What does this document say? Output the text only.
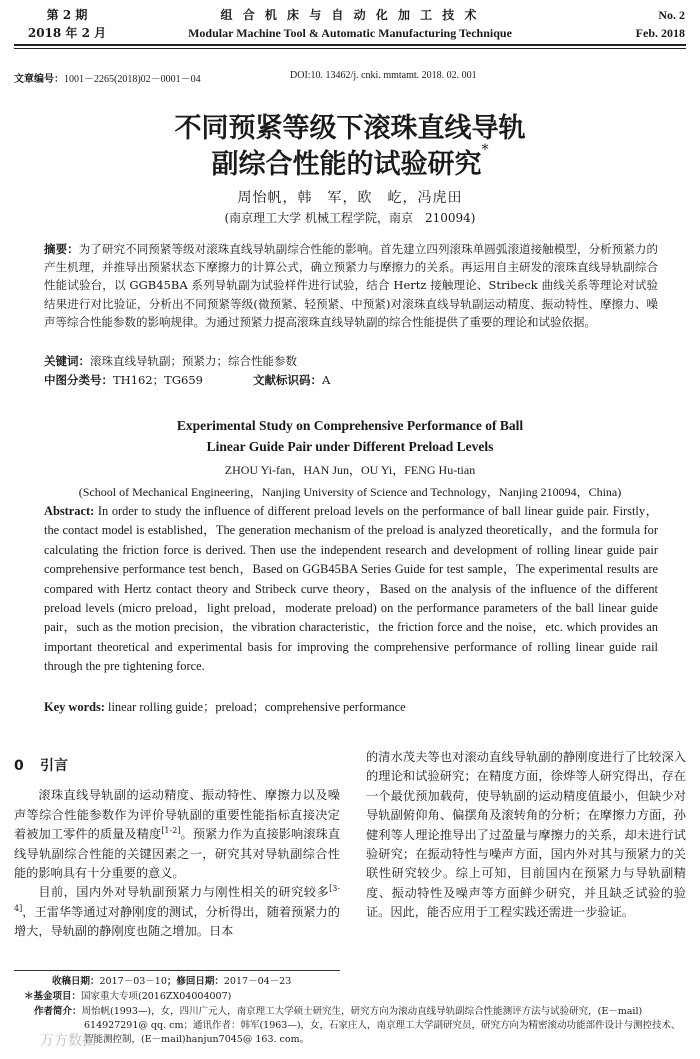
第 2 期
2018 年 2 月
组 合 机 床 与 自 动 化 加 工 技 术
Modular Machine Tool & Automatic Manufacturing Technique
No. 2
Feb. 2018
文章编号：1001－2265(2018)02－0001－04	DOI:10. 13462/j. cnki. mmtamt. 2018. 02. 001
不同预紧等级下滚珠直线导轨
副综合性能的试验研究*
周怡帆，韩　军，欧　屹，冯虎田
(南京理工大学 机械工程学院，南京　210094)
摘要：为了研究不同预紧等级对滚珠直线导轨副综合性能的影响。首先建立四列滚珠单圆弧滚道接触模型，分析预紧力的产生机理，并推导出预紧状态下摩擦力的计算公式，确立预紧力与摩擦力的关系。再运用自主研发的滚珠直线导轨副综合性能试验台，以 GGB45BA 系列导轨副为试验样件进行试验，结合 Hertz 接触理论、Stribeck 曲线关系等理论对试验结果进行对比验证，分析出不同预紧等级(微预紧、轻预紧、中预紧)对滚珠直线导轨副运动精度、振动特性、摩擦力、噪声等综合性能参数的影响规律。为通过预紧力提高滚珠直线导轨副的综合性能提供了重要的理论和试验依据。
关键词：滚珠直线导轨副；预紧力；综合性能参数
中图分类号：TH162；TG659	文献标识码：A
Experimental Study on Comprehensive Performance of Ball
Linear Guide Pair under Different Preload Levels
ZHOU Yi-fan，HAN Jun，OU Yi，FENG Hu-tian
(School of Mechanical Engineering，Nanjing University of Science and Technology，Nanjing 210094，China)
Abstract: In order to study the influence of different preload levels on the performance of ball linear guide pair. Firstly，the contact model is established，The generation mechanism of the preload is analyzed theoretically，and the formula for calculating the friction force is derived. Then use the independent research and development of rolling linear guide pair comprehensive performance test bench，Based on GGB45BA Series Guide for test sample，The experimental results are compared with Hertz contact theory and Stribeck curve theory，Based on the analysis of the influence of the different preload levels (micro preload，light preload，moderate preload) on the performance parameters of the ball linear guide pair，such as the motion precision，the vibration characteristic，the friction force and the noise，etc. which provides an important theoretical and experimental basis for improving the comprehensive performance of rolling linear guide rail through the pre tightening force.
Key words: linear rolling guide；preload；comprehensive performance
0 引言

滚珠直线导轨副的运动精度、振动特性、摩擦力以及噪声等综合性能参数作为评价导轨副的重要性能指标直接决定着被加工零件的质量及精度[1-2]。预紧力作为直接影响滚珠直线导轨副综合性能的关键因素之一，研究其对导轨副综合性能的影响具有十分重要的意义。

目前，国内外对导轨副预紧力与刚性相关的研究较多[3-4]，王雷华等通过对静刚度的测试，分析得出，随着预紧力的增大，导轨副的静刚度也随之增加。日本

的清水茂夫等也对滚动直线导轨副的静刚度进行了比较深入的理论和试验研究；在精度方面，徐烨等人研究得出，存在一个最优预加载荷，使导轨副的运动精度值最小，但缺少对导轨副俯仰角、偏摆角及滚转角的分析；在摩擦力方面，孙健利等人理论推导出了过盈量与摩擦力的关系，却未进行试验研究；在振动特性与噪声方面，国内外对其与预紧力的关联性研究较少。综上可知，目前国内在预紧力与导轨副精度、振动特性及噪声等方面鲜少研究，并且缺乏试验的验证。因此，能否应用于工程实践还需进一步验证。

收稿日期：2017－03－10；修回日期：2017－04－23
＊基金项目：国家重大专项(2016ZX04004007)
作者简介：周怡帆(1993—)，女，四川广元人，南京理工大学硕士研究生，研究方向为滚动直线导轨副综合性能测评方法与试验研究，(E－mail)
614927291@ qq. cm；通讯作者：韩军(1963—)，女，石家庄人，南京理工大学副研究员，研究方向为精密滚动功能部件设计与测控技术、
智能测控制，(E－mail)hanjun7045@ 163. com。
万方数据
